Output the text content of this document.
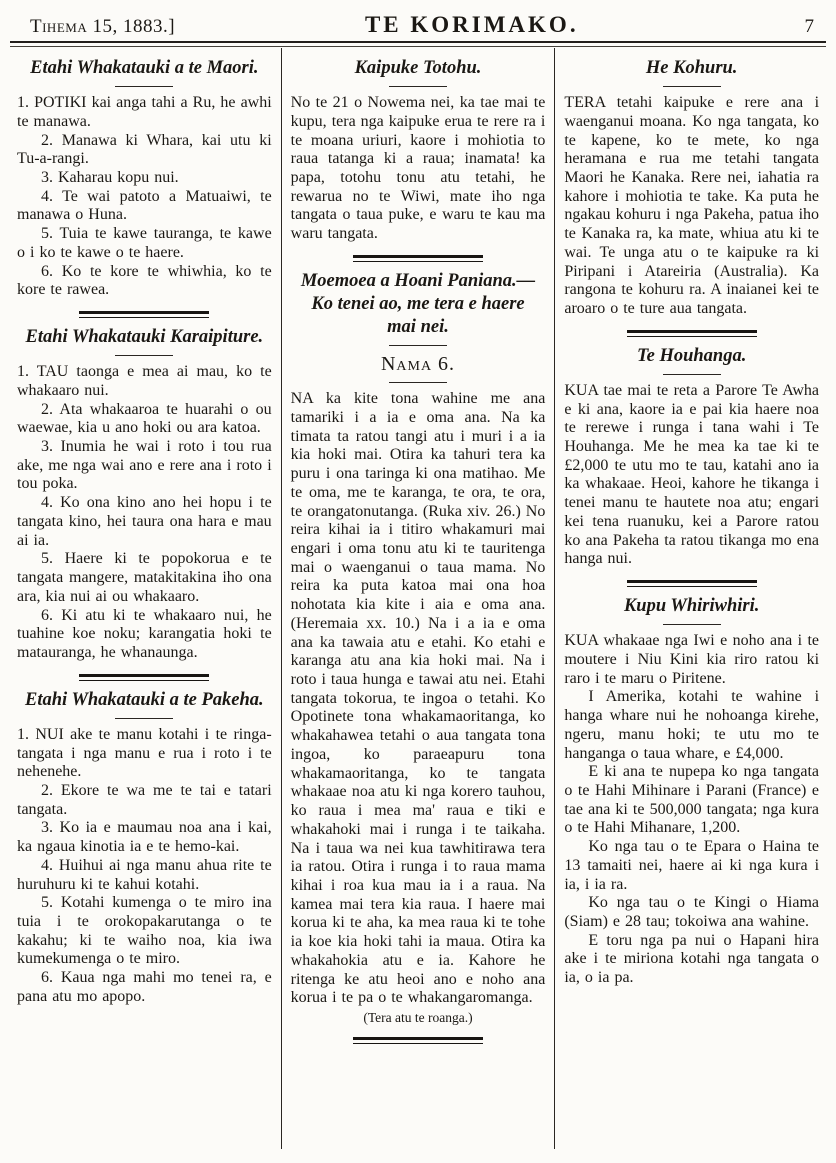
Tihema 15, 1883.]	TE KORIMAKO.	7
Etahi Whakatauki a te Maori.

1. POTIKI kai anga tahi a Ru, he awhi te manawa.

2. Manawa ki Whara, kai utu ki Tu-a-rangi.

3. Kaharau kopu nui.

4. Te wai patoto a Matuaiwi, te manawa o Huna.

5. Tuia te kawe tauranga, te kawe o i ko te kawe o te haere.

6. Ko te kore te whiwhia, ko te kore te rawea.

Etahi Whakatauki Karaipiture.

1. TAU taonga e mea ai mau, ko te whakaaro nui.

2. Ata whakaaroa te huarahi o ou waewae, kia u ano hoki ou ara katoa.

3. Inumia he wai i roto i tou rua ake, me nga wai ano e rere ana i roto i tou poka.

4. Ko ona kino ano hei hopu i te tangata kino, hei taura ona hara e mau ai ia.

5. Haere ki te popokorua e te tangata mangere, matakitakina iho ona ara, kia nui ai ou whakaaro.

6. Ki atu ki te whakaaro nui, he tuahine koe noku; karangatia hoki te matauranga, he whanaunga.

Etahi Whakatauki a te Pakeha.

1. NUI ake te manu kotahi i te ringa-tangata i nga manu e rua i roto i te nehenehe.

2. Ekore te wa me te tai e tatari tangata.

3. Ko ia e maumau noa ana i kai, ka ngaua kinotia ia e te hemo-kai.

4. Huihui ai nga manu ahua rite te huruhuru ki te kahui kotahi.

5. Kotahi kumenga o te miro ina tuia i te orokopakarutanga o te kakahu; ki te waiho noa, kia iwa kumekumenga o te miro.

6. Kaua nga mahi mo tenei ra, e pana atu mo apopo.

Kaipuke Totohu.

No te 21 o Nowema nei, ka tae mai te kupu, tera nga kaipuke erua te rere ra i te moana uriuri, kaore i mohiotia to raua tatanga ki a raua; inamata! ka papa, totohu tonu atu tetahi, he rewarua no te Wiwi, mate iho nga tangata o taua puke, e waru te kau ma waru tangata.

Moemoea a Hoani Paniana.— Ko tenei ao, me tera e haere mai nei.
Nama 6.

NA ka kite tona wahine me ana tamariki i a ia e oma ana. Na ka timata ta ratou tangi atu i muri i a ia kia hoki mai. Otira ka tahuri tera ka puru i ona taringa ki ona matihao. Me te oma, me te karanga, te ora, te ora, te orangatonutanga. (Ruka xiv. 26.) No reira kihai ia i titiro whakamuri mai engari i oma tonu atu ki te tauritenga mai o waenganui o taua mama. No reira ka puta katoa mai ona hoa nohotata kia kite i aia e oma ana. (Heremaia xx. 10.) Na i a ia e oma ana ka tawaia atu e etahi. Ko etahi e karanga atu ana kia hoki mai. Na i roto i taua hunga e tawai atu nei. Etahi tangata tokorua, te ingoa o tetahi. Ko Opotinete tona whakamaoritanga, ko whakahawea tetahi o aua tangata tona ingoa, ko paraeapuru tona whakamaoritanga, ko te tangata whakaae noa atu ki nga korero tauhou, ko raua i mea ma' raua e tiki e whakahoki mai i runga i te taikaha. Na i taua wa nei kua tawhitirawa tera ia ratou. Otira i runga i to raua mama kihai i roa kua mau ia i a raua. Na kamea mai tera kia raua. I haere mai korua ki te aha, ka mea raua ki te tohe ia koe kia hoki tahi ia maua. Otira ka whakahokia atu e ia. Kahore he ritenga ke atu heoi ano e noho ana korua i te pa o te whakangaromanga.

(Tera atu te roanga.)
He Kohuru.

TERA tetahi kaipuke e rere ana i waenganui moana. Ko nga tangata, ko te kapene, ko te mete, ko nga heramana e rua me tetahi tangata Maori he Kanaka. Rere nei, iahatia ra kahore i mohiotia te take. Ka puta he ngakau kohuru i nga Pakeha, patua iho te Kanaka ra, ka mate, whiua atu ki te wai. Te unga atu o te kaipuke ra ki Piripani i Atareiria (Australia). Ka rangona te kohuru ra. A inaianei kei te aroaro o te ture aua tangata.

Te Houhanga.

KUA tae mai te reta a Parore Te Awha e ki ana, kaore ia e pai kia haere noa te rerewe i runga i tana wahi i Te Houhanga. Me he mea ka tae ki te £2,000 te utu mo te tau, katahi ano ia ka whakaae. Heoi, kahore he tikanga i tenei manu te hautete noa atu; engari kei tena ruanuku, kei a Parore ratou ko ana Pakeha ta ratou tikanga mo ena hanga nui.

Kupu Whiriwhiri.

KUA whakaae nga Iwi e noho ana i te moutere i Niu Kini kia riro ratou ki raro i te maru o Piritene.

I Amerika, kotahi te wahine i hanga whare nui he nohoanga kirehe, ngeru, manu hoki; te utu mo te hanganga o taua whare, e £4,000.

E ki ana te nupepa ko nga tangata o te Hahi Mihinare i Parani (France) e tae ana ki te 500,000 tangata; nga kura o te Hahi Mihanare, 1,200.

Ko nga tau o te Epara o Haina te 13 tamaiti nei, haere ai ki nga kura i ia, i ia ra.

Ko nga tau o te Kingi o Hiama (Siam) e 28 tau; tokoiwa ana wahine.

E toru nga pa nui o Hapani hira ake i te miriona kotahi nga tangata o ia, o ia pa.
